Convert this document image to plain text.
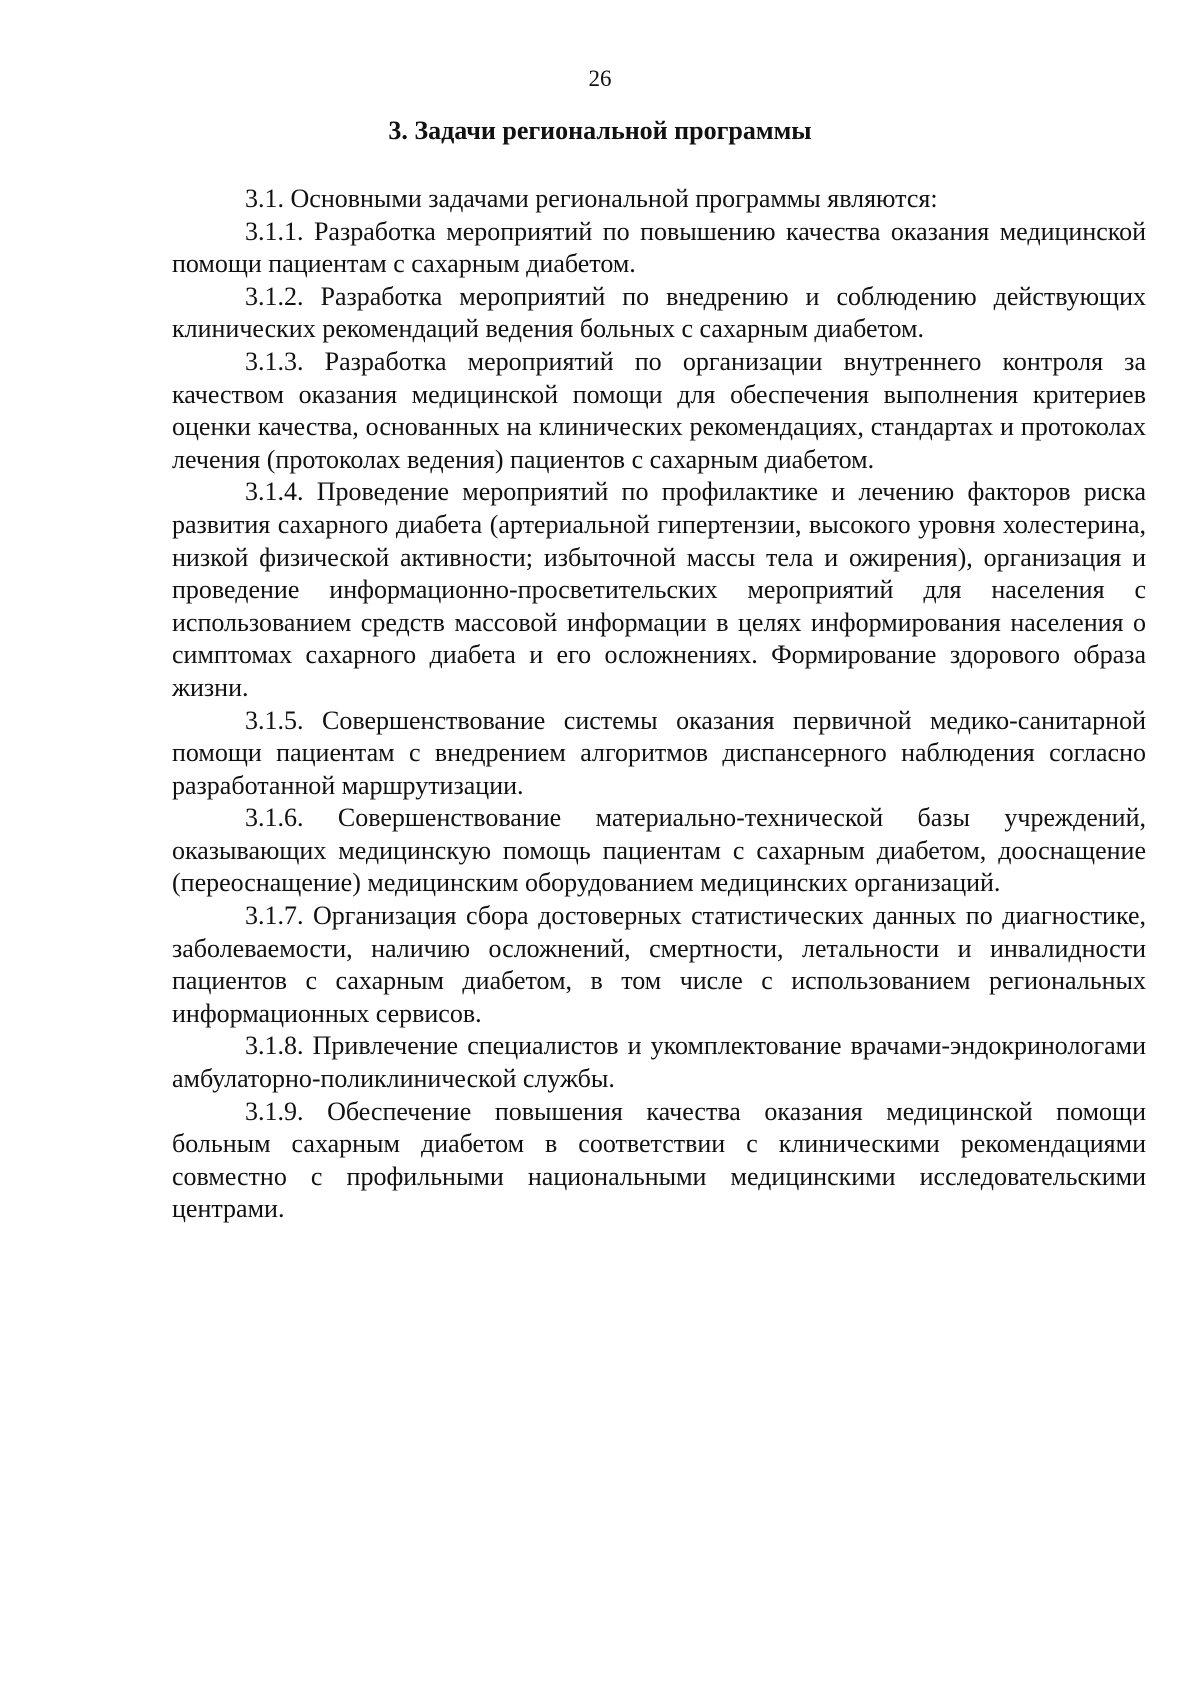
26
3. Задачи региональной программы

3.1. Основными задачами региональной программы являются:

3.1.1. Разработка мероприятий по повышению качества оказания медицинской помощи пациентам с сахарным диабетом.

3.1.2. Разработка мероприятий по внедрению и соблюдению действующих клинических рекомендаций ведения больных с сахарным диабетом.

3.1.3. Разработка мероприятий по организации внутреннего контроля за качеством оказания медицинской помощи для обеспечения выполнения критериев оценки качества, основанных на клинических рекомендациях, стандартах и протоколах лечения (протоколах ведения) пациентов с сахарным диабетом.

3.1.4. Проведение мероприятий по профилактике и лечению факторов риска развития сахарного диабета (артериальной гипертензии, высокого уровня холестерина, низкой физической активности; избыточной массы тела и ожирения), организация и проведение информационно-просветительских мероприятий для населения с использованием средств массовой информации в целях информирования населения о симптомах сахарного диабета и его осложнениях. Формирование здорового образа жизни.

3.1.5. Совершенствование системы оказания первичной медико-санитарной помощи пациентам с внедрением алгоритмов диспансерного наблюдения согласно разработанной маршрутизации.

3.1.6. Совершенствование материально-технической базы учреждений, оказывающих медицинскую помощь пациентам с сахарным диабетом, дооснащение (переоснащение) медицинским оборудованием медицинских организаций.

3.1.7. Организация сбора достоверных статистических данных по диагностике, заболеваемости, наличию осложнений, смертности, летальности и инвалидности пациентов с сахарным диабетом, в том числе с использованием региональных информационных сервисов.

3.1.8. Привлечение специалистов и укомплектование врачами-эндокринологами амбулаторно-поликлинической службы.

3.1.9. Обеспечение повышения качества оказания медицинской помощи больным сахарным диабетом в соответствии с клиническими рекомендациями совместно с профильными национальными медицинскими исследовательскими центрами.
